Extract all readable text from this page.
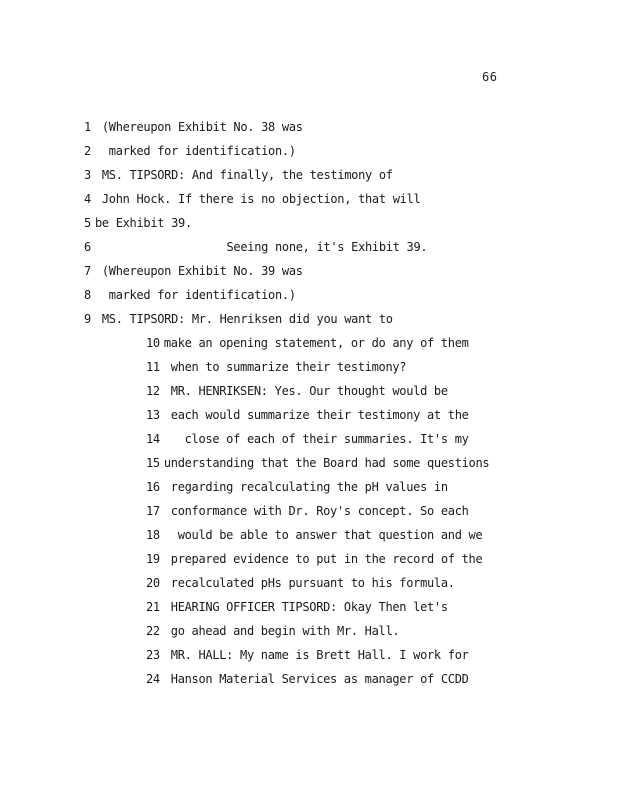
66
1 (Whereupon Exhibit No. 38 was
2  marked for identification.)
3 MS. TIPSORD: And finally, the testimony of
4 John Hock. If there is no objection, that will
5 be Exhibit 39.
6                   Seeing none, it's Exhibit 39.
7 (Whereupon Exhibit No. 39 was
8  marked for identification.)
9 MS. TIPSORD: Mr. Henriksen did you want to
10 make an opening statement, or do any of them
11 when to summarize their testimony?
12 MR. HENRIKSEN: Yes. Our thought would be
13 each would summarize their testimony at the
14   close of each of their summaries. It's my
15 understanding that the Board had some questions
16 regarding recalculating the pH values in
17 conformance with Dr. Roy's concept. So each
18  would be able to answer that question and we
19 prepared evidence to put in the record of the
20 recalculated pHs pursuant to his formula.
21 HEARING OFFICER TIPSORD: Okay Then let's
22 go ahead and begin with Mr. Hall.
23 MR. HALL: My name is Brett Hall. I work for
24 Hanson Material Services as manager of CCDD
